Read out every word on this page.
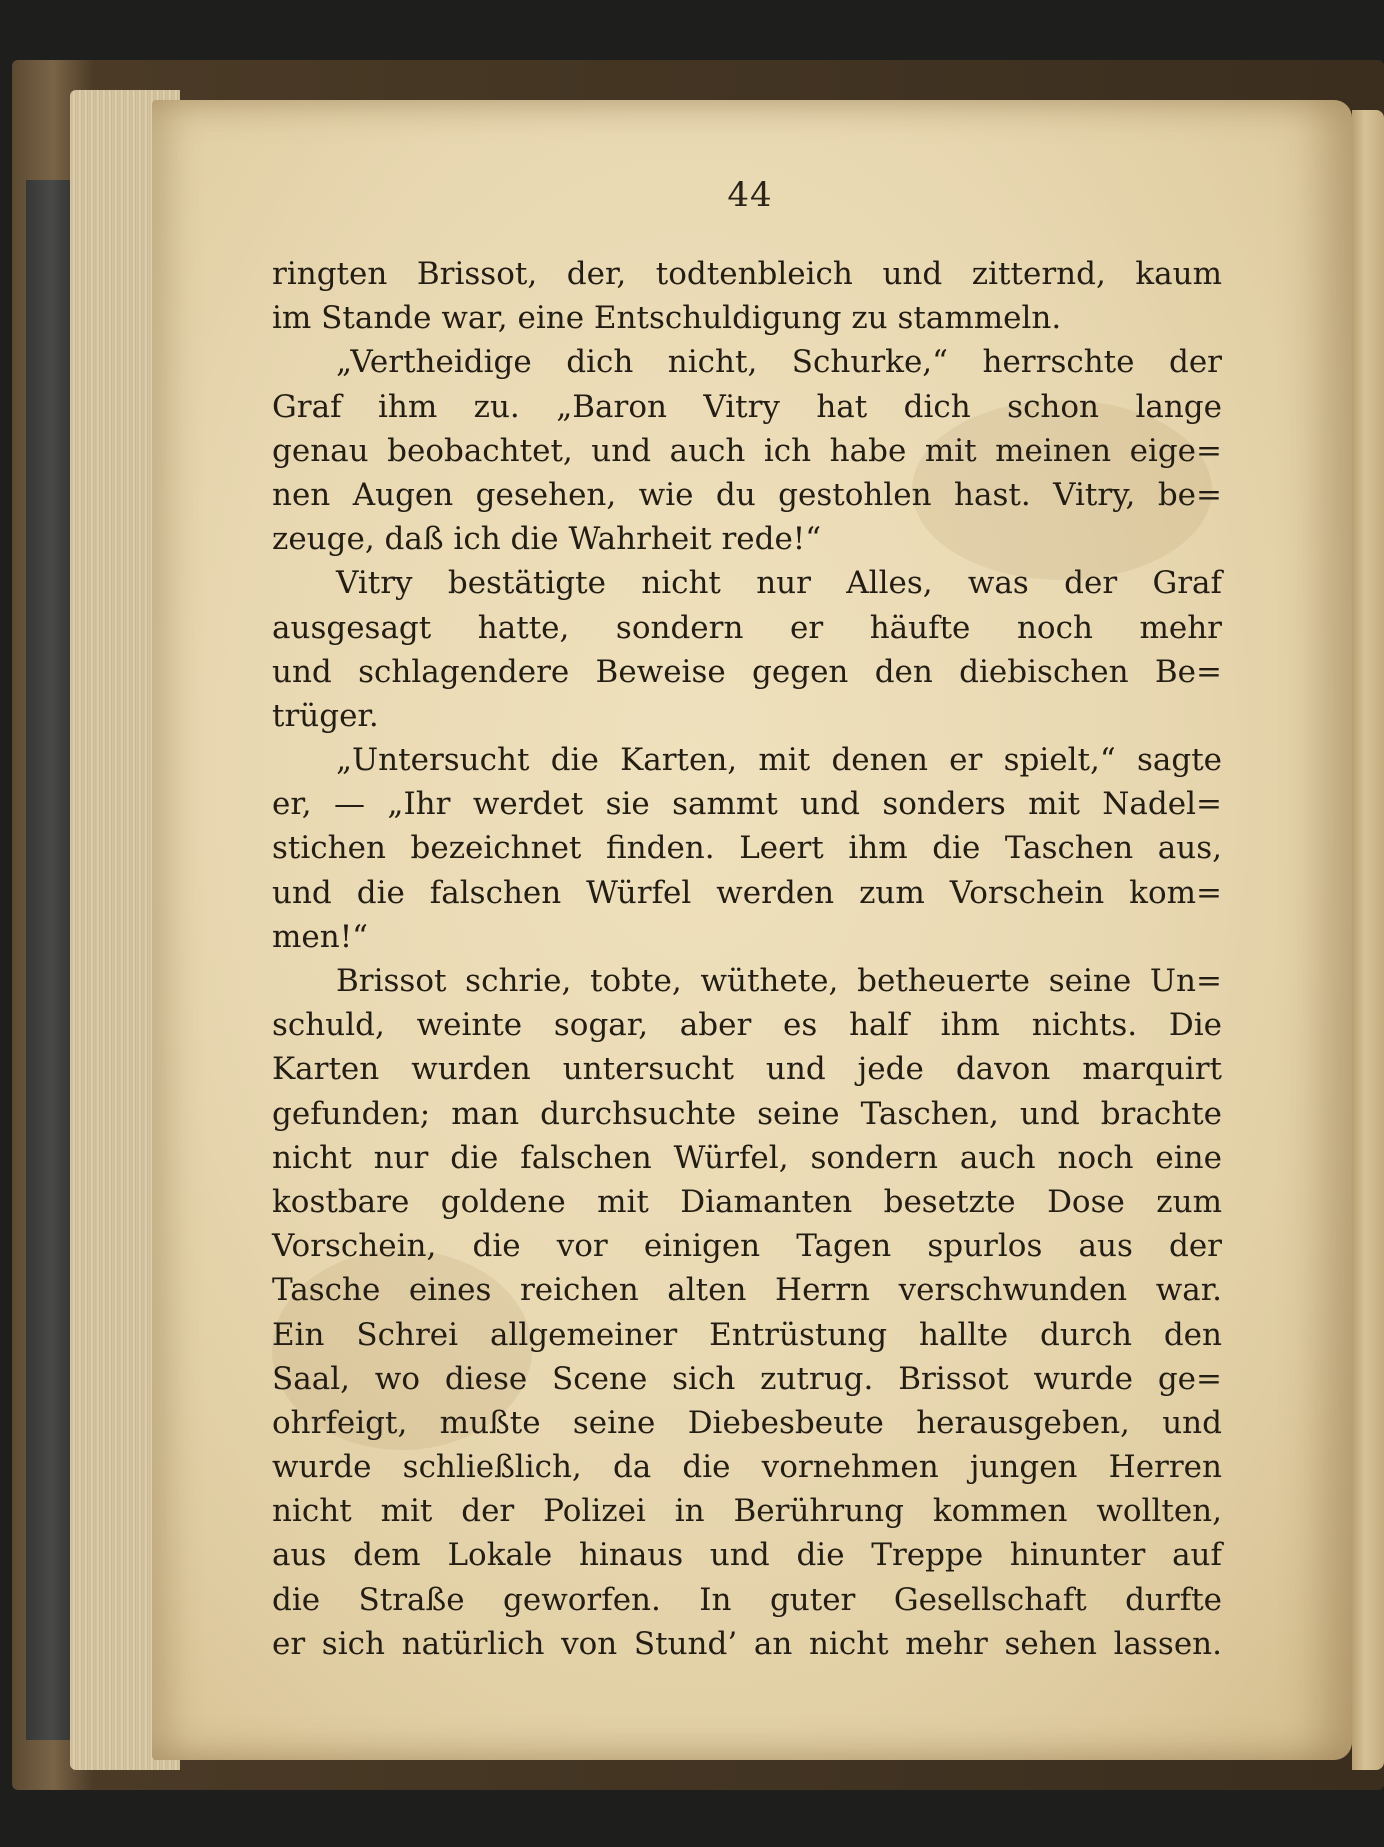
44
ringten Brissot, der, todtenbleich und zitternd, kaum
im Stande war, eine Entschuldigung zu stammeln.
„Vertheidige dich nicht, Schurke,“ herrschte der
Graf ihm zu. „Baron Vitry hat dich schon lange
genau beobachtet, und auch ich habe mit meinen eige=
nen Augen gesehen, wie du gestohlen hast. Vitry, be=
zeuge, daß ich die Wahrheit rede!“
Vitry bestätigte nicht nur Alles, was der Graf
ausgesagt hatte, sondern er häufte noch mehr
und schlagendere Beweise gegen den diebischen Be=
trüger.
„Untersucht die Karten, mit denen er spielt,“ sagte
er, — „Ihr werdet sie sammt und sonders mit Nadel=
stichen bezeichnet finden. Leert ihm die Taschen aus,
und die falschen Würfel werden zum Vorschein kom=
men!“
Brissot schrie, tobte, wüthete, betheuerte seine Un=
schuld, weinte sogar, aber es half ihm nichts. Die
Karten wurden untersucht und jede davon marquirt
gefunden; man durchsuchte seine Taschen, und brachte
nicht nur die falschen Würfel, sondern auch noch eine
kostbare goldene mit Diamanten besetzte Dose zum
Vorschein, die vor einigen Tagen spurlos aus der
Tasche eines reichen alten Herrn verschwunden war.
Ein Schrei allgemeiner Entrüstung hallte durch den
Saal, wo diese Scene sich zutrug. Brissot wurde ge=
ohrfeigt, mußte seine Diebesbeute herausgeben, und
wurde schließlich, da die vornehmen jungen Herren
nicht mit der Polizei in Berührung kommen wollten,
aus dem Lokale hinaus und die Treppe hinunter auf
die Straße geworfen. In guter Gesellschaft durfte
er sich natürlich von Stund’ an nicht mehr sehen lassen.
